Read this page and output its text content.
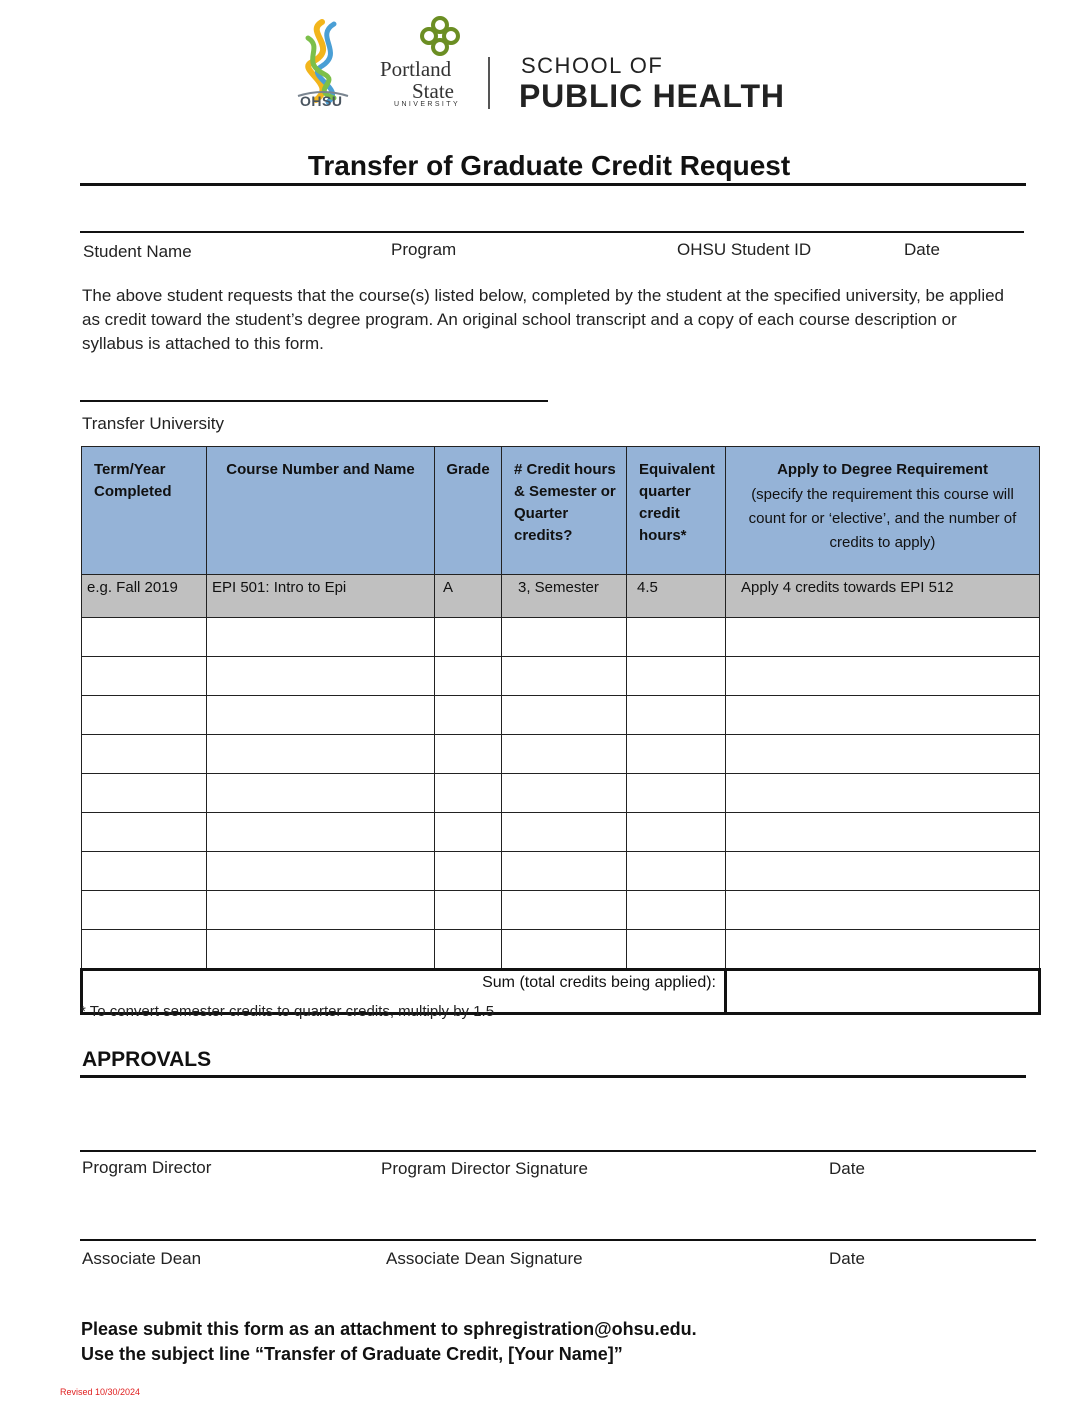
OHSU
Portland
State
UNIVERSITY
SCHOOL OF
PUBLIC HEALTH
Transfer of Graduate Credit Request
Student Name	Program	OHSU Student ID	Date
The above student requests that the course(s) listed below, completed by the student at the specified university, be applied as credit toward the student’s degree program. An original school transcript and a copy of each course description or syllabus is attached to this form.
Transfer University
Term/Year Completed	Course Number and Name	Grade	# Credit hours & Semester or Quarter credits?	Equivalent quarter credit hours*	Apply to Degree Requirement
(specify the requirement this course will count for or ‘elective’, and the number of credits to apply)

e.g. Fall 2019	EPI 501: Intro to Epi	A	3, Semester	4.5	Apply 4 credits towards EPI 512

Sum (total credits being applied):					
* To convert semester credits to quarter credits, multiply by 1.5
APPROVALS
Program Director	Program Director Signature	Date
Associate Dean	Associate Dean Signature	Date
Please submit this form as an attachment to sphregistration@ohsu.edu.
Use the subject line “Transfer of Graduate Credit, [Your Name]”
Revised 10/30/2024
